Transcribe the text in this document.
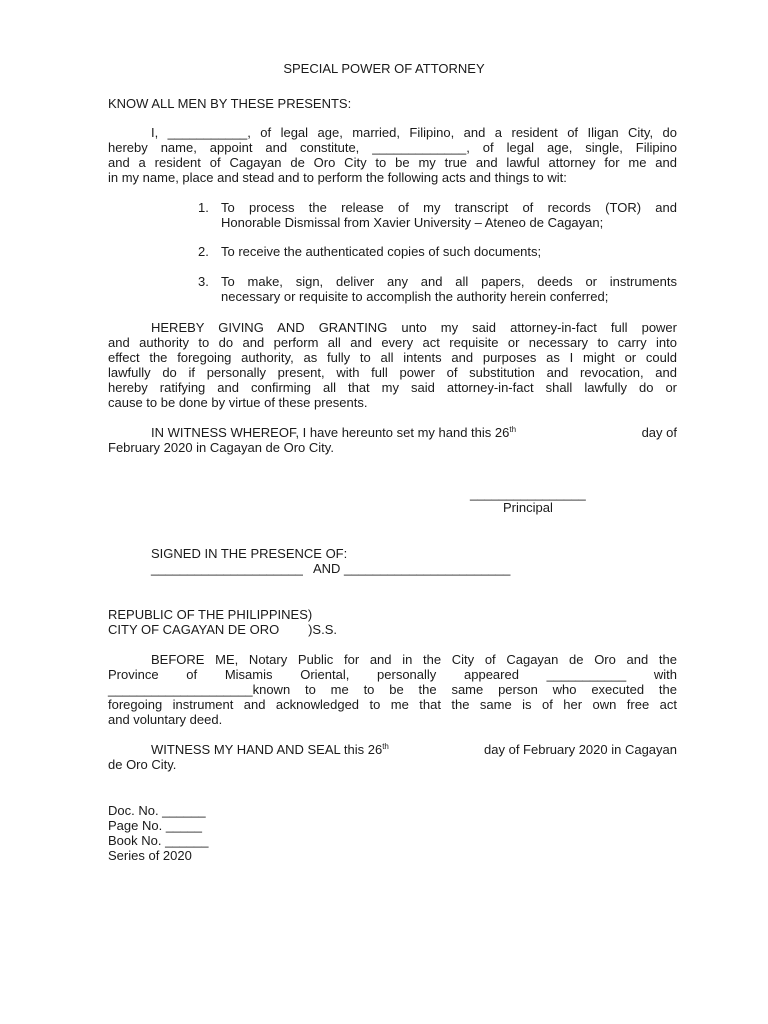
SPECIAL POWER OF ATTORNEY
KNOW ALL MEN BY THESE PRESENTS:
I, ___________, of legal age, married, Filipino, and a resident of Iligan City, do
hereby name, appoint and constitute, _____________, of legal age, single, Filipino
and a resident of Cagayan de Oro City to be my true and lawful attorney for me and
in my name, place and stead and to perform the following acts and things to wit:
1. To process the release of my transcript of records (TOR) and
Honorable Dismissal from Xavier University – Ateneo de Cagayan;
2. To receive the authenticated copies of such documents;
3. To make, sign, deliver any and all papers, deeds or instruments
necessary or requisite to accomplish the authority herein conferred;
HEREBY GIVING AND GRANTING unto my said attorney-in-fact full power
and authority to do and perform all and every act requisite or necessary to carry into
effect the foregoing authority, as fully to all intents and purposes as I might or could
lawfully do if personally present, with full power of substitution and revocation, and
hereby ratifying and confirming all that my said attorney-in-fact shall lawfully do or
cause to be done by virtue of these presents.
IN WITNESS WHEREOF, I have hereunto set my hand this 26th	day of
February 2020 in Cagayan de Oro City.
________________
Principal
SIGNED IN THE PRESENCE OF:
_____________________   AND _______________________
REPUBLIC OF THE PHILIPPINES)
CITY OF CAGAYAN DE ORO        )S.S.
BEFORE ME, Notary Public for and in the City of Cagayan de Oro and the
Province of Misamis Oriental, personally appeared ___________ with
____________________known to me to be the same person who executed the
foregoing instrument and acknowledged to me that the same is of her own free act
and voluntary deed.
WITNESS MY HAND AND SEAL this 26th	day of February 2020 in Cagayan
de Oro City.
Doc. No. ______
Page No. _____
Book No. ______
Series of 2020
